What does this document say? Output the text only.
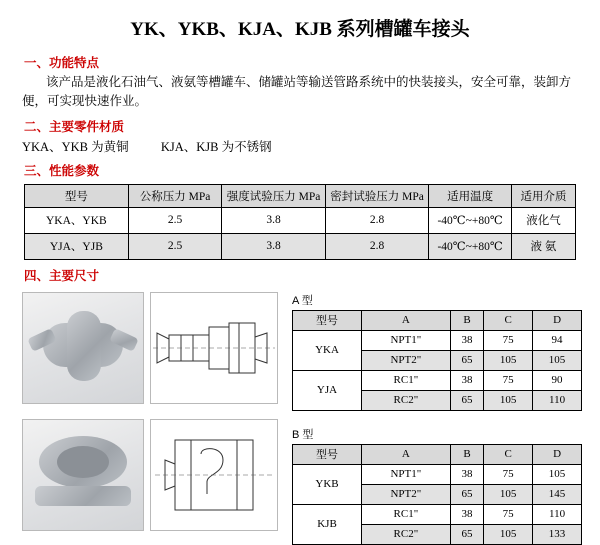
YK、YKB、KJA、KJB 系列槽罐车接头
一、功能特点
该产品是液化石油气、液氨等槽罐车、储罐站等输送管路系统中的快装接头，安全可靠，装卸方便，可实现快速作业。
二、主要零件材质
YKA、YKB 为黄铜	KJA、KJB 为不锈钢
三、性能参数
型号	公称压力 MPa	强度试验压力 MPa	密封试验压力 MPa	适用温度	适用介质
YKA、YKB	2.5	3.8	2.8	-40℃~+80℃	液化气
YJA、YJB	2.5	3.8	2.8	-40℃~+80℃	液 氨
四、主要尺寸

A 型
型号	A	B	C	D
YKA	NPT1"	38	75	94
	NPT2"	65	105	105
YJA	RC1"	38	75	90
	RC2"	65	105	110
B 型
型号	A	B	C	D
YKB	NPT1"	38	75	105
	NPT2"	65	105	145
KJB	RC1"	38	75	110
	RC2"	65	105	133
